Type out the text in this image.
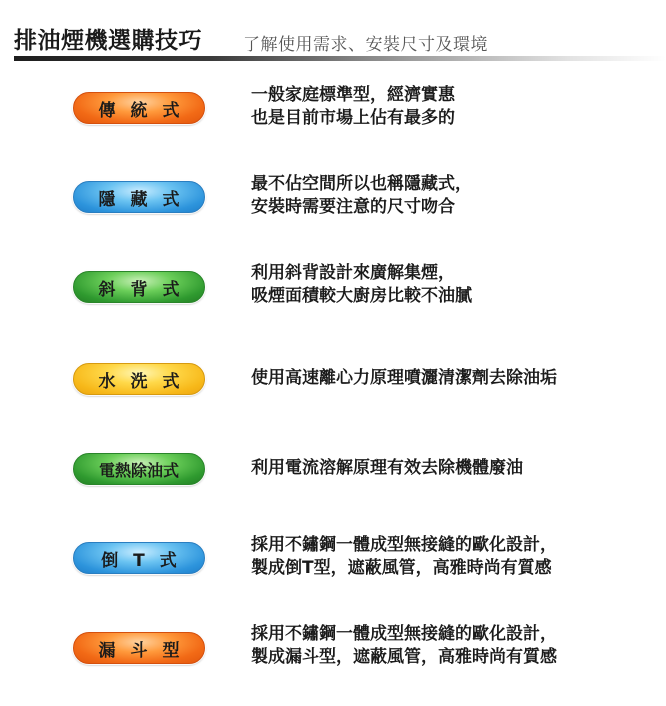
排油煙機選購技巧 了解使用需求、安裝尺寸及環境
傳統式
一般家庭標準型，經濟實惠
也是目前市場上佔有最多的
隱藏式
最不佔空間所以也稱隱藏式，
安裝時需要注意的尺寸吻合
斜背式
利用斜背設計來廣解集煙，
吸煙面積較大廚房比較不油膩
水洗式	使用高速離心力原理噴灑清潔劑去除油垢
電熱除油式	利用電流溶解原理有效去除機體廢油
倒T式
採用不鏽鋼一體成型無接縫的歐化設計，
製成倒T型，遮蔽風管，高雅時尚有質感
漏斗型
採用不鏽鋼一體成型無接縫的歐化設計，
製成漏斗型，遮蔽風管，高雅時尚有質感
